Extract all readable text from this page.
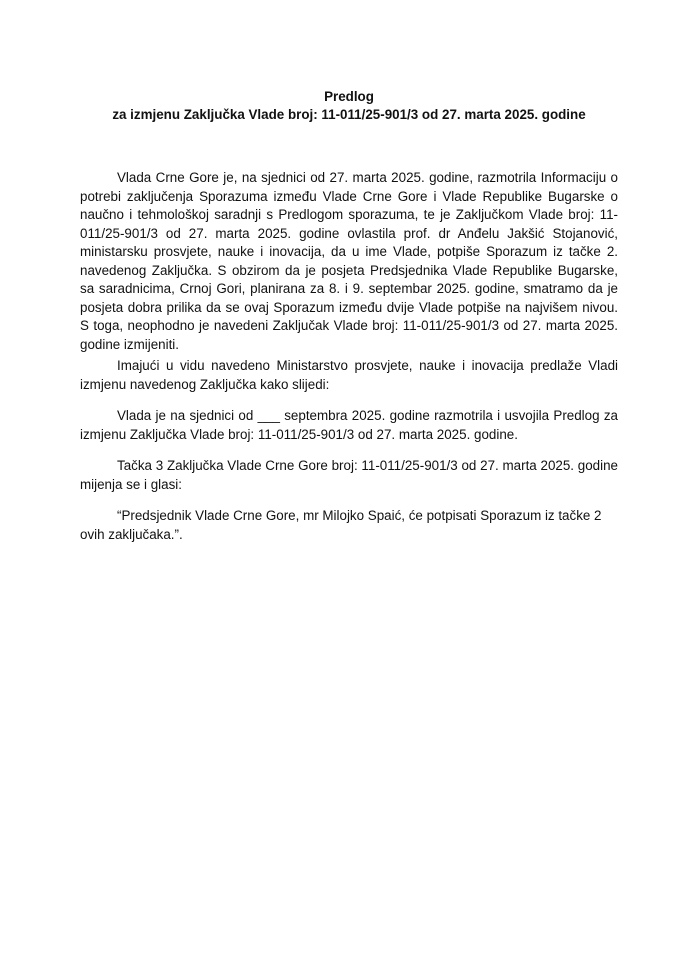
Predlog
za izmjenu Zaključka Vlade broj: 11-011/25-901/3 od 27. marta 2025. godine

Vlada Crne Gore je, na sjednici od 27. marta 2025. godine, razmotrila Informaciju o potrebi zaključenja Sporazuma između Vlade Crne Gore i Vlade Republike Bugarske o naučno i tehmološkoj saradnji s Predlogom sporazuma, te je Zaključkom Vlade broj: 11-011/25-901/3 od 27. marta 2025. godine ovlastila prof. dr Anđelu Jakšić Stojanović, ministarsku prosvjete, nauke i inovacija, da u ime Vlade, potpiše Sporazum iz tačke 2. navedenog Zaključka. S obzirom da je posjeta Predsjednika Vlade Republike Bugarske, sa saradnicima, Crnoj Gori, planirana za 8. i 9. septembar 2025. godine, smatramo da je posjeta dobra prilika da se ovaj Sporazum između dvije Vlade potpiše na najvišem nivou. S toga, neophodno je navedeni Zaključak Vlade broj: 11-011/25-901/3 od 27. marta 2025. godine izmijeniti.

Imajući u vidu navedeno Ministarstvo prosvjete, nauke i inovacija predlaže Vladi izmjenu navedenog Zaključka kako slijedi:

Vlada je na sjednici od ___ septembra 2025. godine razmotrila i usvojila Predlog za izmjenu Zaključka Vlade broj: 11-011/25-901/3 od 27. marta 2025. godine.

Tačka 3 Zaključka Vlade Crne Gore broj: 11-011/25-901/3 od 27. marta 2025. godine mijenja se i glasi:

“Predsjednik Vlade Crne Gore, mr Milojko Spaić, će potpisati Sporazum iz tačke 2 ovih zaključaka.”.
